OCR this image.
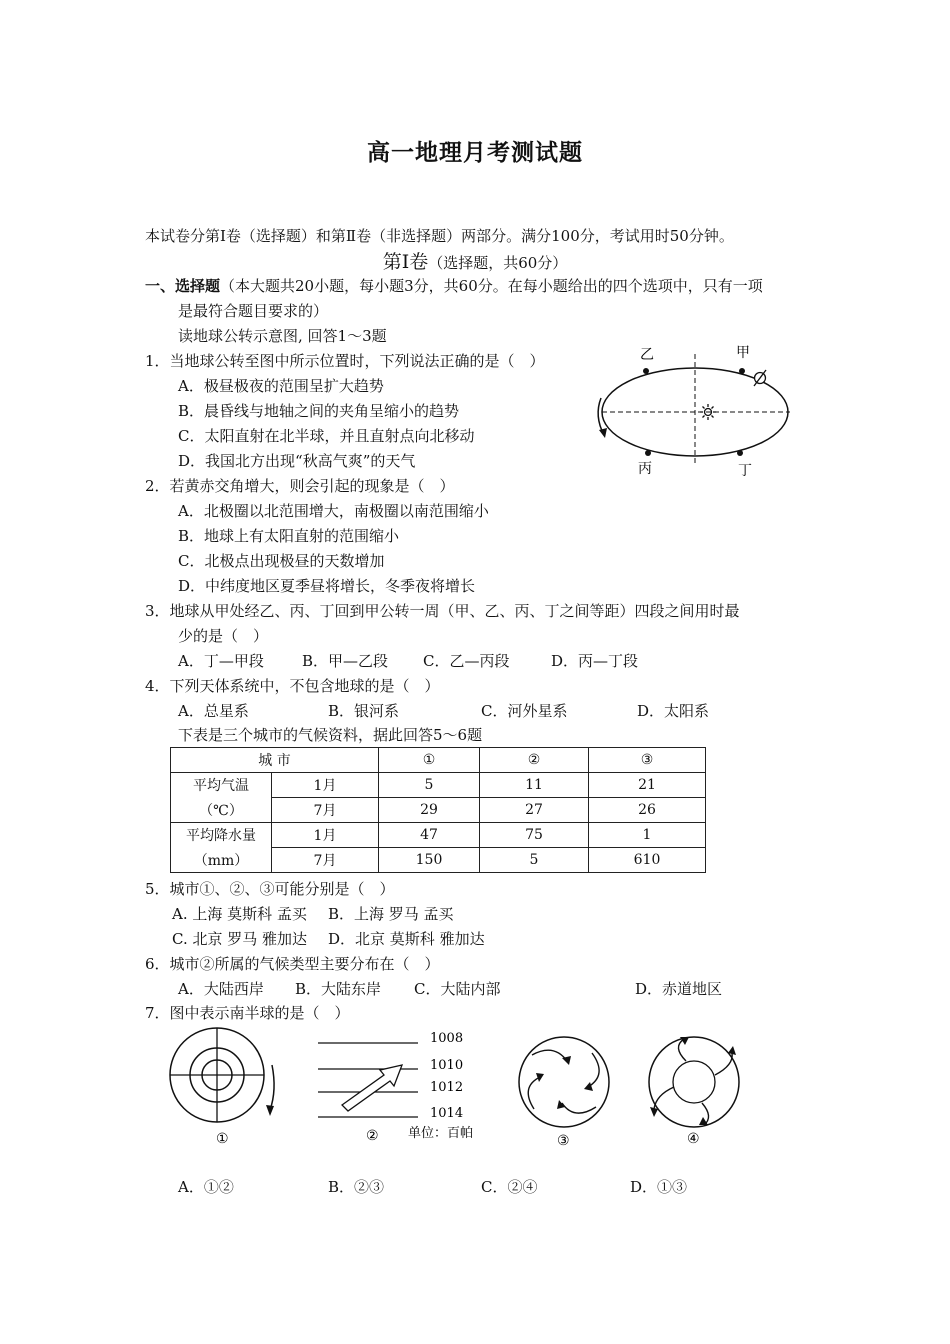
高一地理月考测试题
本试卷分第Ⅰ卷（选择题）和第Ⅱ卷（非选择题）两部分。满分100分，考试用时50分钟。
第Ⅰ卷（选择题，共60分）
一、选择题（本大题共20小题，每小题3分，共60分。在每小题给出的四个选项中，只有一项
是最符合题目要求的）
读地球公转示意图, 回答1～3题
1．当地球公转至图中所示位置时，下列说法正确的是（　）
A．极昼极夜的范围呈扩大趋势
B．晨昏线与地轴之间的夹角呈缩小的趋势
C．太阳直射在北半球，并且直射点向北移动
D．我国北方出现“秋高气爽”的天气
乙	甲
丙	丁
2．若黄赤交角增大，则会引起的现象是（　）
A．北极圈以北范围增大，南极圈以南范围缩小
B．地球上有太阳直射的范围缩小
C．北极点出现极昼的天数增加
D．中纬度地区夏季昼将增长，冬季夜将增长
3．地球从甲处经乙、丙、丁回到甲公转一周（甲、乙、丙、丁之间等距）四段之间用时最
少的是（　）
A．丁—甲段	B．甲—乙段 C．乙—丙段	D．丙—丁段
4．下列天体系统中，不包含地球的是（　）
A．总星系	B．银河系	C．河外星系	D．太阳系
下表是三个城市的气候资料，据此回答5～6题
城 市		①	②	③
平均气温	1月	5	11	21
（℃）	7月	29	27	26
平均降水量	1月	47	75	1
（mm）	7月	150	5	610
5．城市①、②、③可能分别是（　）
A. 上海 莫斯科 孟买 B．上海 罗马 孟买
C. 北京 罗马 雅加达 D．北京 莫斯科 雅加达
6．城市②所属的气候类型主要分布在（　）
A．大陆西岸 B．大陆东岸 C．大陆内部	D．赤道地区
7．图中表示南半球的是（　）
①
1008
1010
1012
1014
单位：百帕
②	③	④
A．①②	B．②③	C．②④	D．①③
